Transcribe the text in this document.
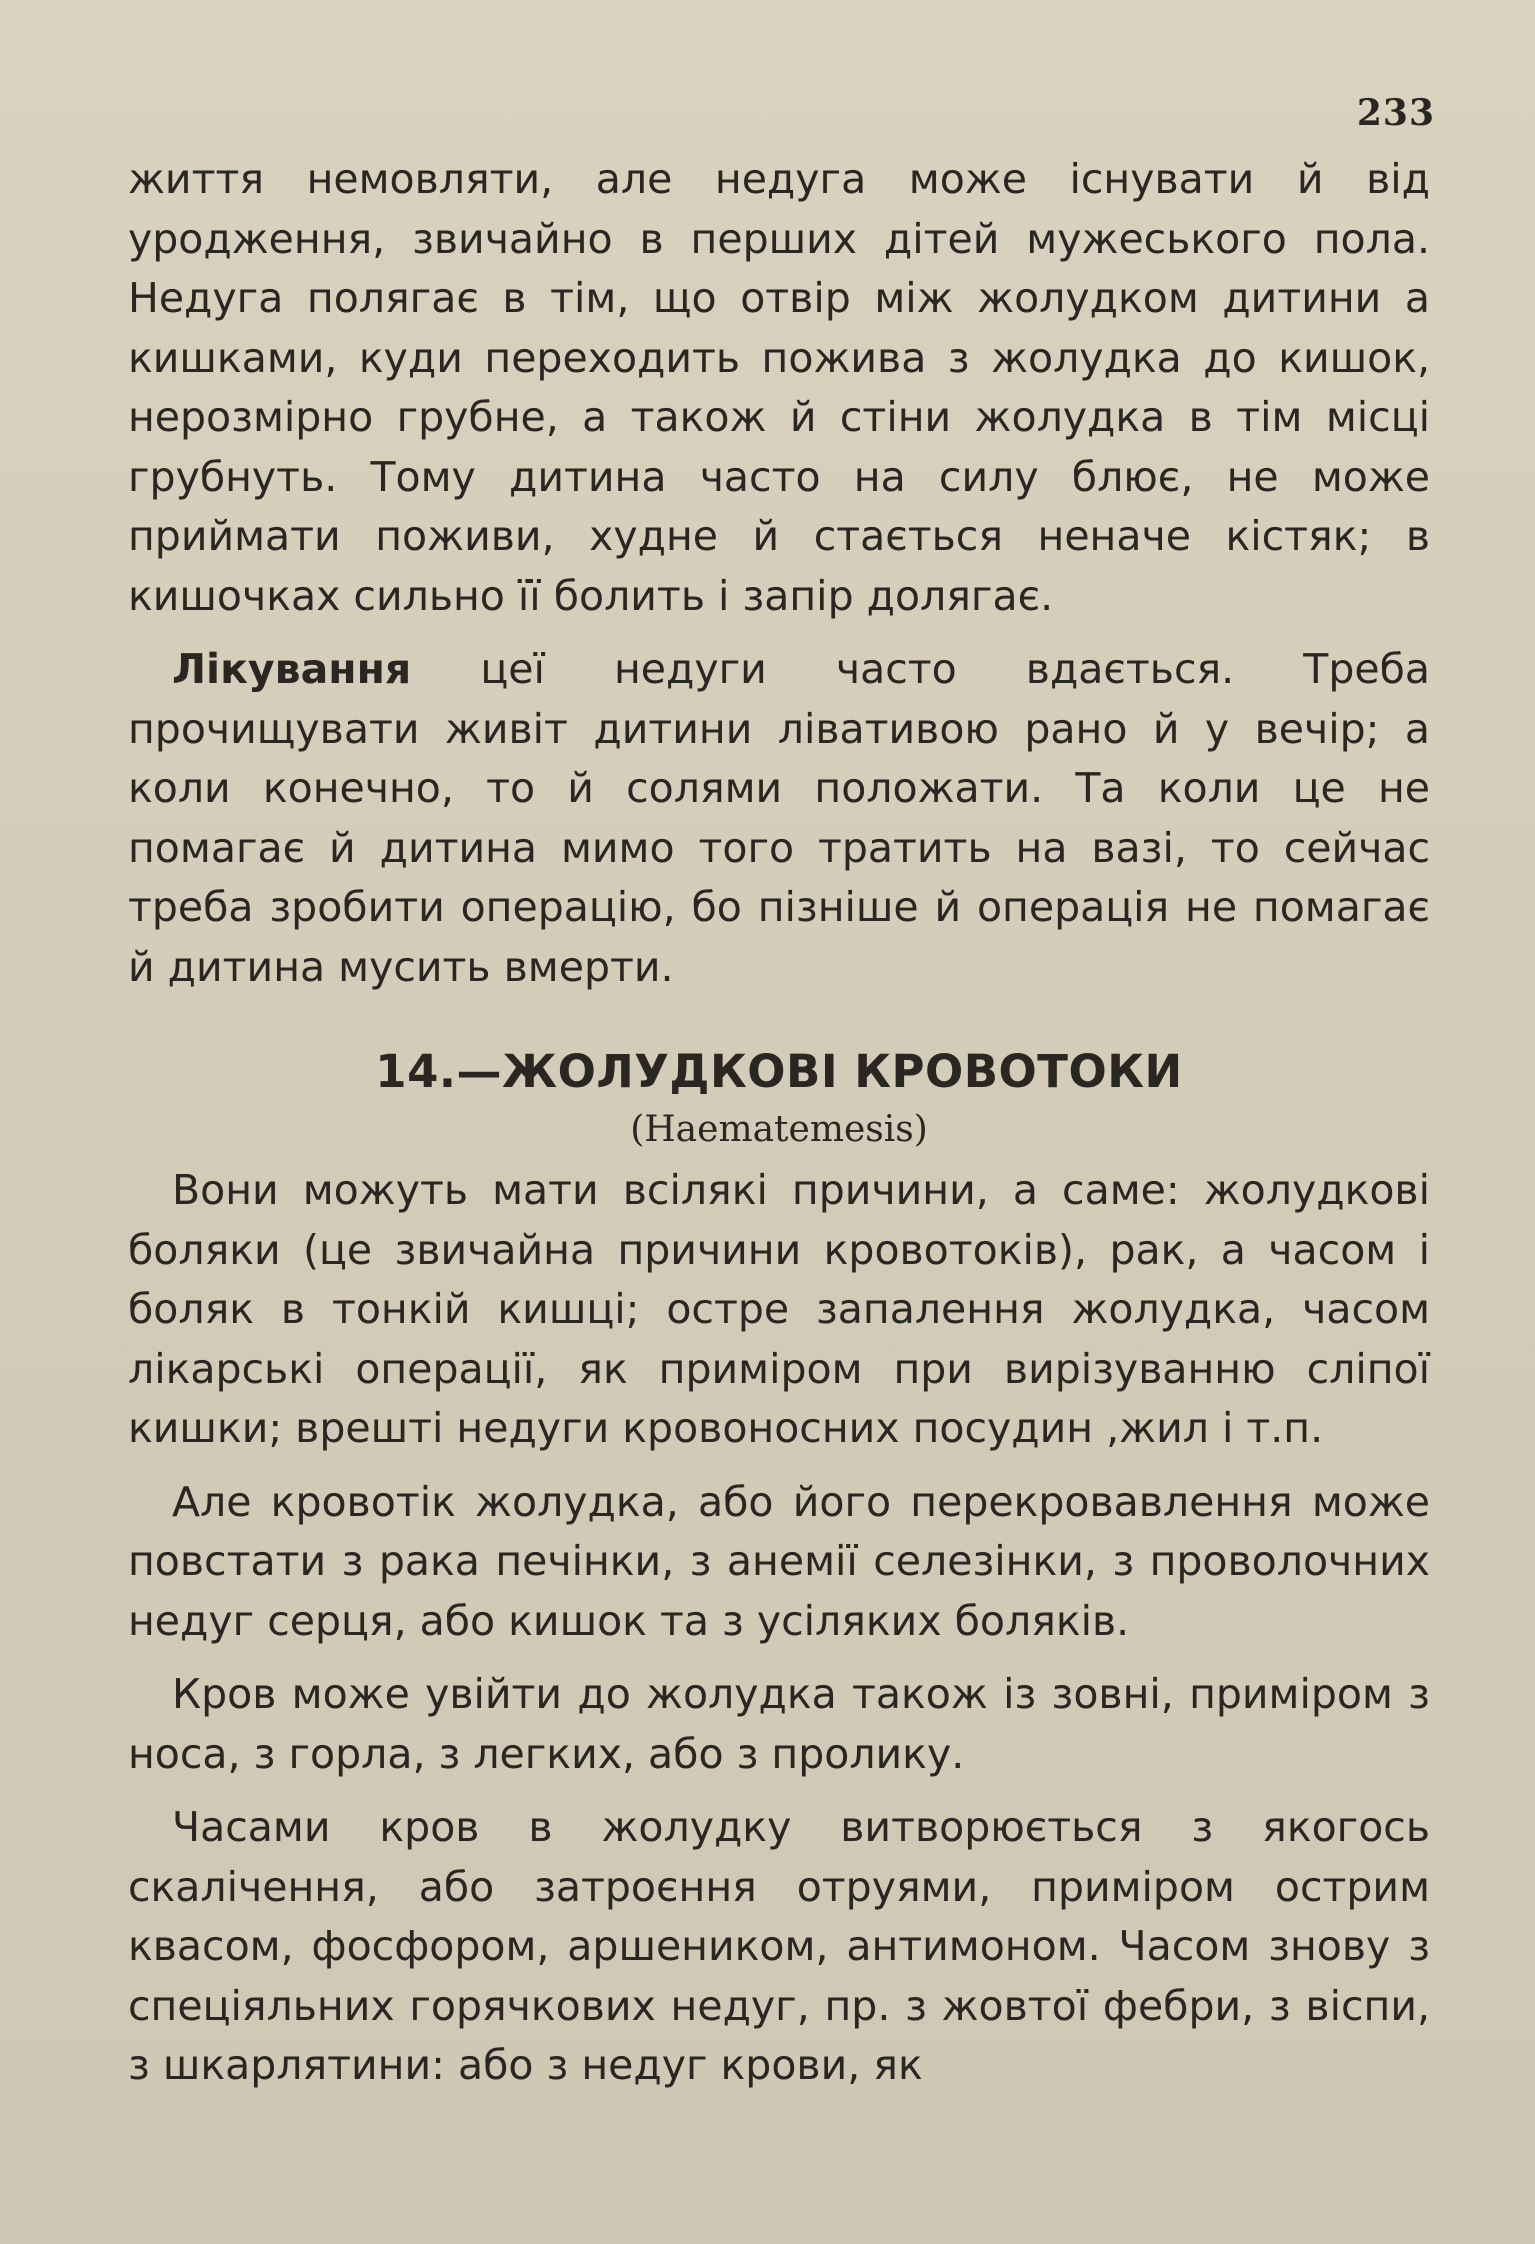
233

життя немовляти, але недуга може існувати й від уродження, звичайно в перших дітей мужеського пола. Недуга полягає в тім, що отвір між жолудком дитини а кишками, куди переходить пожива з жолудка до кишок, нерозмірно грубне, а також й стіни жолудка в тім місці грубнуть. Тому дитина часто на силу блює, не може приймати поживи, худне й стається неначе кістяк; в кишочках сильно її болить і запір долягає.

Лікування цеї недуги часто вдається. Треба прочищувати живіт дитини лівативою рано й у вечір; а коли конечно, то й солями положати. Та коли це не помагає й дитина мимо того тратить на вазі, то сейчас треба зробити операцію, бо пізніше й операція не помагає й дитина мусить вмерти.

14.—ЖОЛУДКОВІ КРОВОТОКИ
(Haematemesis)

Вони можуть мати всілякі причини, а саме: жолудкові боляки (це звичайна причини кровотоків), рак, а часом і боляк в тонкій кишці; остре запалення жолудка, часом лікарські операції, як приміром при вирізуванню сліпої кишки; врешті недуги кровоносних посудин ,жил і т.п.

Але кровотік жолудка, або його перекровавлення може повстати з рака печінки, з анемії селезінки, з проволочних недуг серця, або кишок та з усіляких боляків.

Кров може увійти до жолудка також із зовні, приміром з носа, з горла, з легких, або з пролику.

Часами кров в жолудку витворюється з якогось скалічення, або затроєння отруями, приміром острим квасом, фосфором, аршеником, антимоном. Часом знову з спеціяльних горячкових недуг, пр. з жовтої фебри, з віспи, з шкарлятини: або з недуг крови, як
